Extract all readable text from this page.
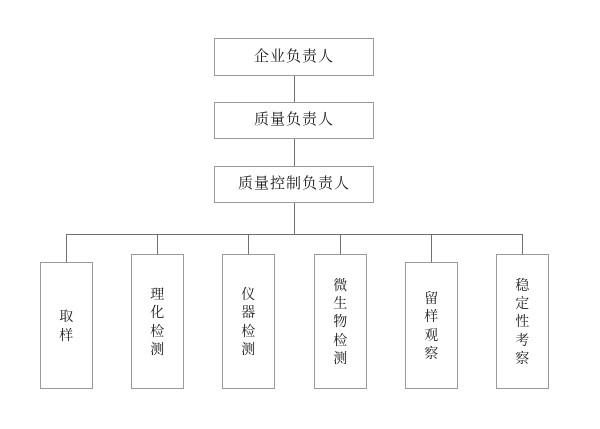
企业负责人
质量负责人
质量控制负责人
取样
理化检测
仪器检测
微生物检测
留样观察
稳定性考察
